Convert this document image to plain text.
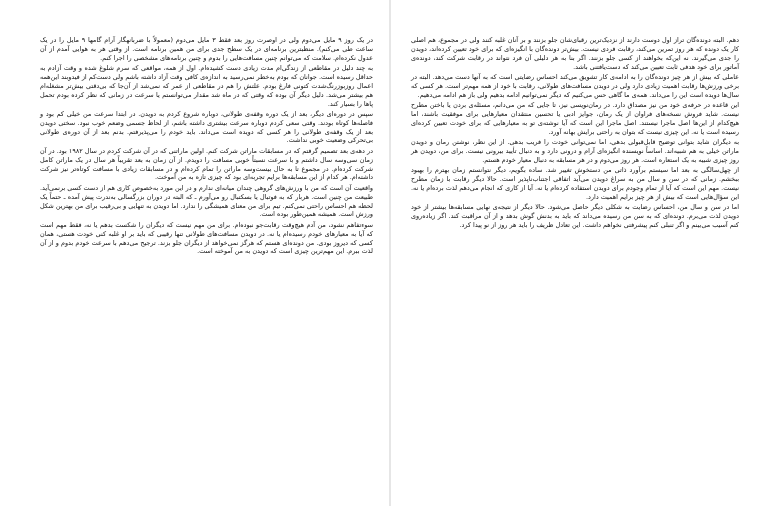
در یک روز ۹ مایل می‌دوم ولی در اوصرت روز بعد فقط ۳ مایل می‌دوم (معمولاً با ضربانهگار آرام گامها ۹ مایل را در یک ساعت طی می‌کنم). منظبترین برنامه‌ای در یک سطح جدی برای من همین برنامه است. از وقتی هر به هوایی آمدم از آن عدول نکرده‌ام. سلامت که می‌توانم چنین مسافت‌هایی را بدوم و چنین برنامه‌های مشخصی را اجرا کنم.

به چند دلیل در مقاطعی از زندگی‌ام مدت زیادی دست کشیده‌ام. اول از همه، مواقعی که سرم شلوغ شده و وقت آزادم به حداقل رسیده است. جوانان که بودم به‌خطر نمی‌رسید به اندازه‌ی کافی وقت آزاد داشته باشم ولی دست‌کم از فیدوبند این‌همه اعمال روزبوزرنگ‌شدت کتونی فارغ بودم. علتش را هم در مقاطعی از عمر که نمی‌شد از آن‌جا که بی‌دقتی بیش‌تر مشغله‌ام هم بیشتر می‌شد. دلیل دیگر آن بوده که وقتی که در ماه شد مقدار می‌توانستم یا سرعت در زمانی که نظر کرده بودم تحمل پاها را بسیار کند.

سپس در دوره‌ای دیگر، بعد از یک دوره وقفه‌ی طولانی، دوباره شروع کردم به دویدن. در ابتدا سرعت من خیلی کم بود و فاصله‌ها کوتاه بودند. وقتی سعی کردم دوباره سرعت بیشتری داشته باشم، از لحاظ جسمی وضعم خوب نبود. سختی دویدن بعد از یک وقفه‌ی طولانی را هر کسی که دویده است می‌داند. باید خودم را می‌پذیرفتم. بدنم بعد از آن دوره‌ی طولانی بی‌تحرکی وضعیت خوبی نداشت.

در دهه‌ی بعد تصمیم گرفتم که در مسابقات ماراتن شرکت کنم. اولین ماراتنی که در آن شرکت کردم در سال ۱۹۸۲ بود. در آن زمان سی‌وسه سال داشتم و با سرعت نسبتاً خوبی مسافت را دویدم. از آن زمان به بعد تقریباً هر سال در یک ماراتن کامل شرکت کرده‌ام. در مجموع تا به حال بیست‌وسه ماراتن را تمام کرده‌ام و در مسابقات زیادی با مسافت کوتاه‌تر نیز شرکت داشته‌ام. هر کدام از این مسابقه‌ها برایم تجربه‌ای بود که چیزی تازه به من آموخت.

واقعیت آن است که من با ورزش‌های گروهی چندان میانه‌ای ندارم و در این مورد به‌خصوص کاری هم از دست کسی برنمی‌آید. طبیعت من چنین است. هربار که به فوتبال یا بسکتبال رو می‌آورم ـ که البته در دوران بزرگسالی به‌ندرت پیش آمده ـ حتماً یک لحظه هم احساس راحتی نمی‌کنم. تیم برای من معنای همیشگی را ندارد. اما دویدن به تنهایی و بی‌رقیب برای من بهترین شکل ورزش است. همیشه همین‌طور بوده است.

سوءتفاهم نشود، من آدم هیچ‌وقت رقابت‌جو نبوده‌ام. برای من مهم نیست که دیگران را شکست بدهم یا نه، فقط مهم است که آیا به معیارهای خودم رسیده‌ام یا نه. در دویدن مسافت‌های طولانی تنها رقیبی که باید بر او غلبه کنی خودت هستی، همان کسی که دیروز بودی. من دونده‌ای هستم که هرگز نمی‌خواهد از دیگران جلو بزند. ترجیح می‌دهم با سرعت خودم بدوم و از آن لذت ببرم. این مهم‌ترین چیزی است که دویدن به من آموخته است.

دهم. البته دونده‌گان تراز اول دوست دارند از نزدیک‌ترین رقبای‌شان جلو بزنند و بر آنان غلبه کنند ولی در مجموع، هم اصلی کار یک دونده که هر روز تمرین می‌کند، رقابت فردی نیست. بیش‌تر دونده‌گان با انگیزه‌ای که برای خود تعیین کرده‌اند، دویدن را جدی می‌گیرند. نه این‌که بخواهند از کسی جلو بزنند. اگر بنا به هر دلیلی آن فرد نتواند در رقابت شرکت کند، دونده‌ی آماتور برای خود هدفی ثابت تعیین می‌کند که دست‌یافتنی باشد.

عاملی که بیش از هر چیز دونده‌گان را به ادامه‌ی کار تشویق می‌کند احساس رضایتی است که به آنها دست می‌دهد. البته در برخی ورزش‌ها رقابت اهمیت زیادی دارد ولی در دویدن مسافت‌های طولانی، رقابت با خود از همه مهم‌تر است. هر کسی که سال‌ها دویده است این را می‌داند. همه‌ی ما گاهی حس می‌کنیم که دیگر نمی‌توانیم ادامه بدهیم ولی باز هم ادامه می‌دهیم.

این قاعده در حرفه‌ی خود من نیز مصداق دارد. در رمان‌نویسی نیز، تا جایی که من می‌دانم، مسئله‌ی بردن یا باختن مطرح نیست. شاید فروش نسخه‌های فراوان از یک رمان، جوایز ادبی یا تحسین منتقدان معیارهایی برای موفقیت باشند، اما هیچ‌کدام از این‌ها اصل ماجرا نیستند. اصل ماجرا این است که آیا نوشته‌ی تو به معیارهایی که برای خودت تعیین کرده‌ای رسیده است یا نه. این چیزی نیست که بتوان به راحتی برایش بهانه آورد.

به دیگران شاید بتوانی توضیح قابل‌قبولی بدهی، اما نمی‌توانی خودت را فریب بدهی. از این نظر، نوشتن رمان و دویدن ماراتن خیلی به هم شبیه‌اند. اساساً نویسنده انگیزه‌ای آرام و درونی دارد و به دنبال تأیید بیرونی نیست. برای من، دویدن هر روز چیزی شبیه به یک استعاره است. هر روز می‌دوم و در هر مسابقه به دنبال معیار خودم هستم.

از چهل‌سالگی به بعد اما سیستم برآورد ذاتی من دستخوش تغییر شد. ساده بگویم، دیگر نتوانستم زمان بهترم را بهبود ببخشم. زمانی که در سن و سال من به سراغ دویدن می‌آید اتفاقی اجتناب‌ناپذیر است. حالا دیگر رقابت با زمان مطرح نیست. مهم این است که آیا از تمام وجودم برای دویدن استفاده کرده‌ام یا نه. آیا از کاری که انجام می‌دهم لذت برده‌ام یا نه. این سؤال‌هایی است که بیش از هر چیز برایم اهمیت دارد.

اما در سن و سال من، احساس رضایت به شکلی دیگر حاصل می‌شود. حالا دیگر از نتیجه‌ی نهایی مسابقه‌ها بیشتر از خود دویدن لذت می‌برم. دونده‌ای که به سن من رسیده می‌داند که باید به بدنش گوش بدهد و از آن مراقبت کند. اگر زیاده‌روی کنم آسیب می‌بینم و اگر تنبلی کنم پیشرفتی نخواهم داشت. این تعادل ظریف را باید هر روز از نو پیدا کرد.
